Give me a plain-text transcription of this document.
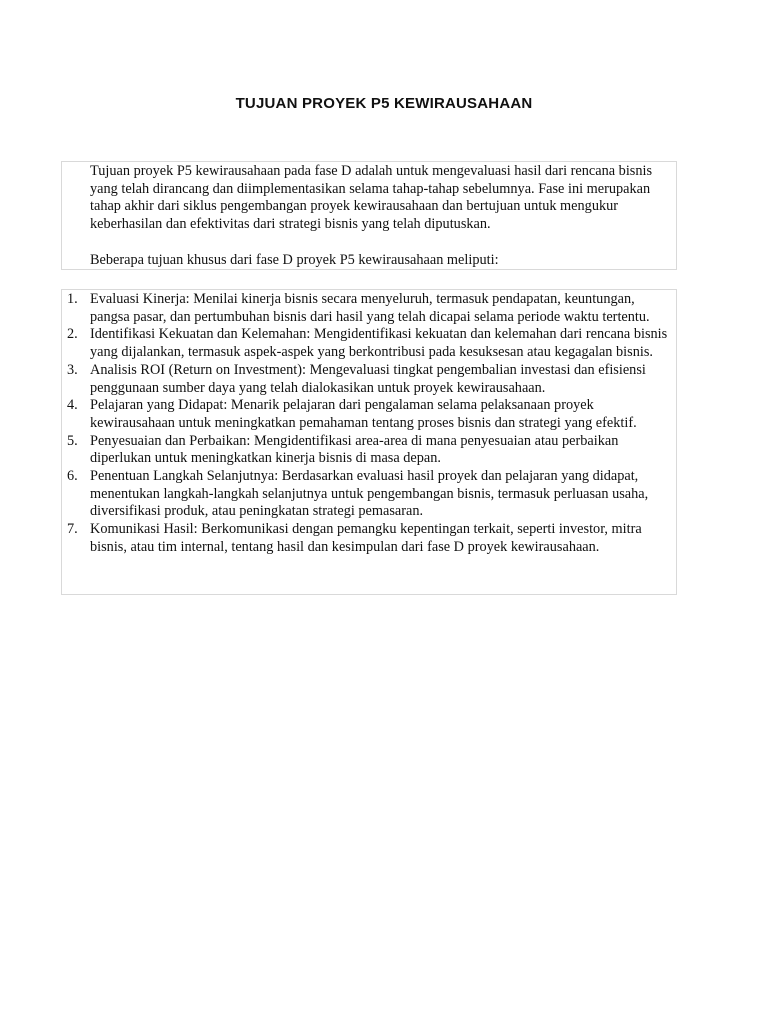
TUJUAN PROYEK P5 KEWIRAUSAHAAN

Tujuan proyek P5 kewirausahaan pada fase D adalah untuk mengevaluasi hasil dari rencana bisnis yang telah dirancang dan diimplementasikan selama tahap-tahap sebelumnya. Fase ini merupakan tahap akhir dari siklus pengembangan proyek kewirausahaan dan bertujuan untuk mengukur keberhasilan dan efektivitas dari strategi bisnis yang telah diputuskan.

Beberapa tujuan khusus dari fase D proyek P5 kewirausahaan meliputi:

1. Evaluasi Kinerja: Menilai kinerja bisnis secara menyeluruh, termasuk pendapatan, keuntungan, pangsa pasar, dan pertumbuhan bisnis dari hasil yang telah dicapai selama periode waktu tertentu.
2. Identifikasi Kekuatan dan Kelemahan: Mengidentifikasi kekuatan dan kelemahan dari rencana bisnis yang dijalankan, termasuk aspek-aspek yang berkontribusi pada kesuksesan atau kegagalan bisnis.
3. Analisis ROI (Return on Investment): Mengevaluasi tingkat pengembalian investasi dan efisiensi penggunaan sumber daya yang telah dialokasikan untuk proyek kewirausahaan.
4. Pelajaran yang Didapat: Menarik pelajaran dari pengalaman selama pelaksanaan proyek kewirausahaan untuk meningkatkan pemahaman tentang proses bisnis dan strategi yang efektif.
5. Penyesuaian dan Perbaikan: Mengidentifikasi area-area di mana penyesuaian atau perbaikan diperlukan untuk meningkatkan kinerja bisnis di masa depan.
6. Penentuan Langkah Selanjutnya: Berdasarkan evaluasi hasil proyek dan pelajaran yang didapat, menentukan langkah-langkah selanjutnya untuk pengembangan bisnis, termasuk perluasan usaha, diversifikasi produk, atau peningkatan strategi pemasaran.
7. Komunikasi Hasil: Berkomunikasi dengan pemangku kepentingan terkait, seperti investor, mitra bisnis, atau tim internal, tentang hasil dan kesimpulan dari fase D proyek kewirausahaan.
